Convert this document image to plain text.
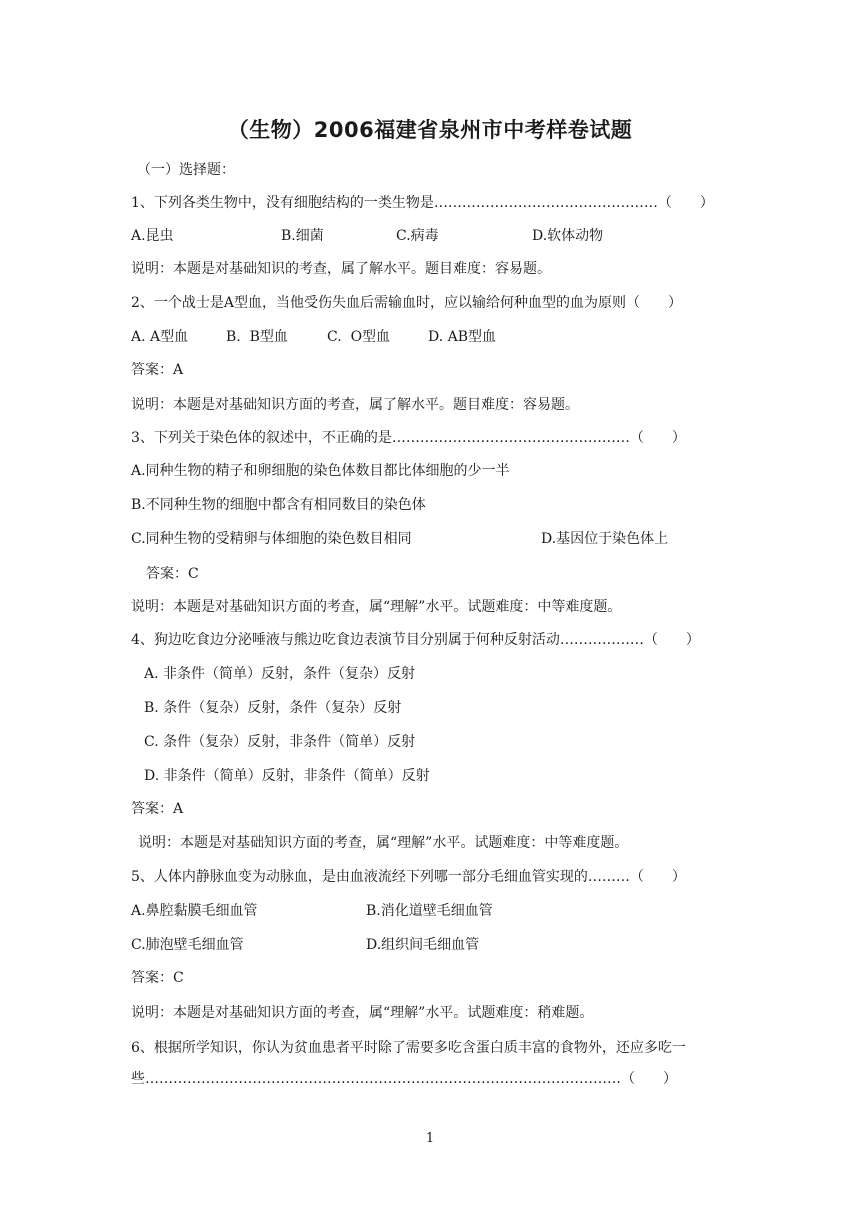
（生物）2006福建省泉州市中考样卷试题
（一）选择题：
1、下列各类生物中，没有细胞结构的一类生物是…………………………………………（　　）
A.昆虫	B.细菌	C.病毒	D.软体动物
说明：本题是对基础知识的考查，属了解水平。题目难度：容易题。
2、一个战士是A型血，当他受伤失血后需输血时，应以输给何种血型的血为原则（　　）
A. A型血	B.  B型血	C.  O型血	D. AB型血
答案：A
说明：本题是对基础知识方面的考查，属了解水平。题目难度：容易题。
3、下列关于染色体的叙述中，不正确的是……………………………………………（　　）
A.同种生物的精子和卵细胞的染色体数目都比体细胞的少一半
B.不同种生物的细胞中都含有相同数目的染色体
C.同种生物的受精卵与体细胞的染色数目相同	D.基因位于染色体上
答案：C
说明：本题是对基础知识方面的考查，属“理解”水平。试题难度：中等难度题。
4、狗边吃食边分泌唾液与熊边吃食边表演节目分别属于何种反射活动………………（　　）
A. 非条件（简单）反射，条件（复杂）反射
B. 条件（复杂）反射，条件（复杂）反射
C. 条件（复杂）反射，非条件（简单）反射
D. 非条件（简单）反射，非条件（简单）反射
答案：A
说明：本题是对基础知识方面的考查，属“理解”水平。试题难度：中等难度题。
5、人体内静脉血变为动脉血，是由血液流经下列哪一部分毛细血管实现的………（　　）
A.鼻腔黏膜毛细血管	B.消化道壁毛细血管
C.肺泡壁毛细血管	D.组织间毛细血管
答案：C
说明：本题是对基础知识方面的考查，属“理解”水平。试题难度：稍难题。
6、根据所学知识，你认为贫血患者平时除了需要多吃含蛋白质丰富的食物外，还应多吃一
些…………………………………………………………………………………………（　　）
1
